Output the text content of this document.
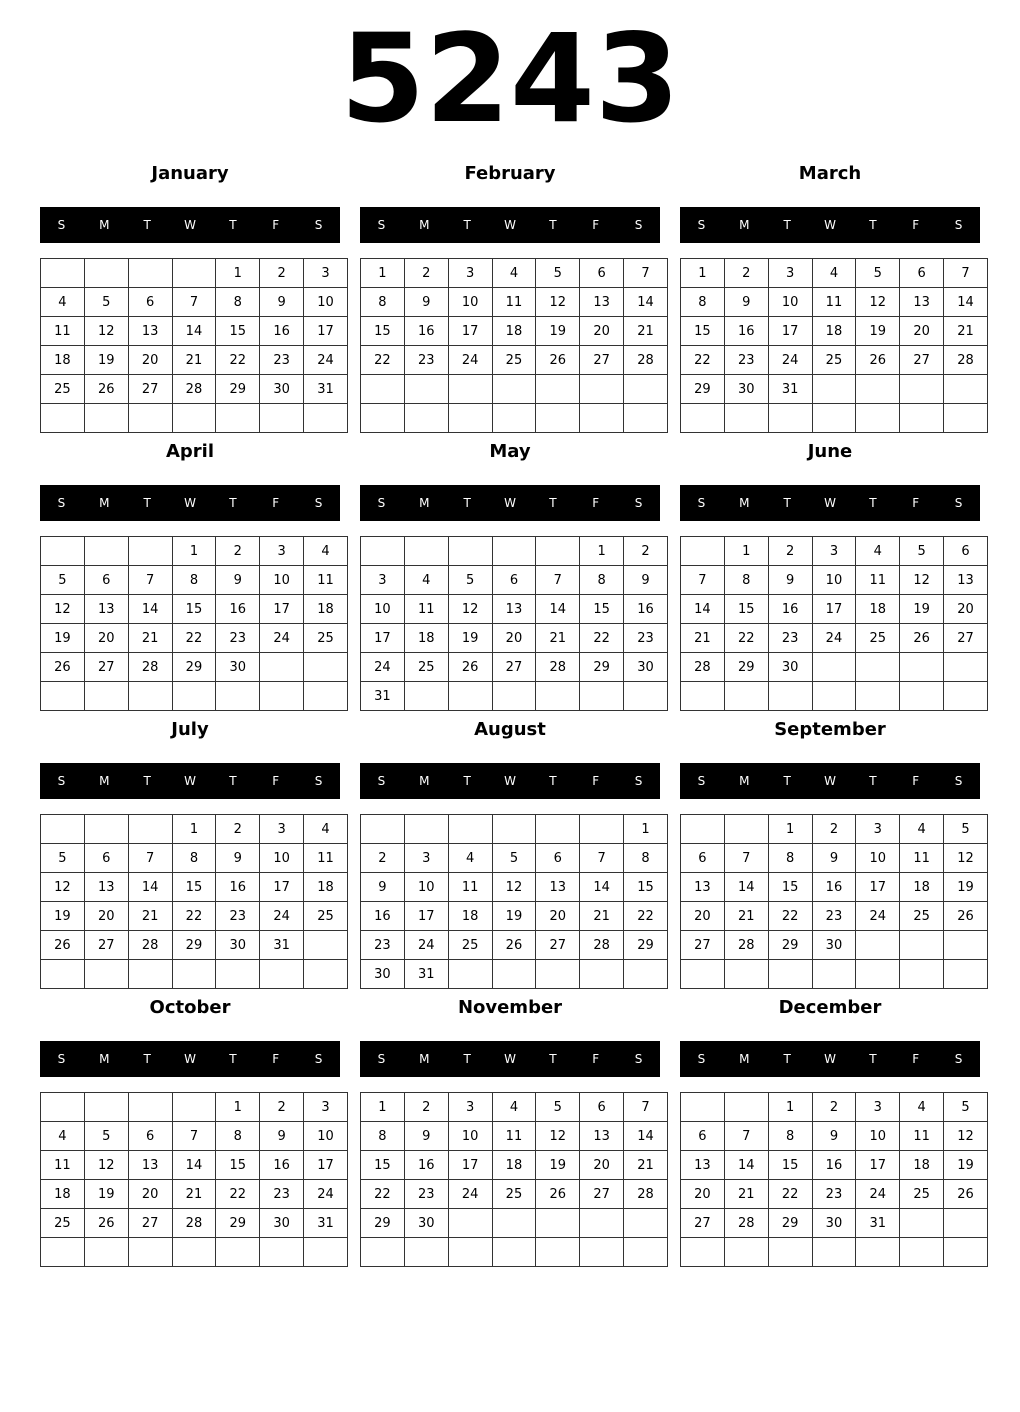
5243
January
S	M	T	W	T	F	S
				1	2	3
4	5	6	7	8	9	10
11	12	13	14	15	16	17
18	19	20	21	22	23	24
25	26	27	28	29	30	31

February
S	M	T	W	T	F	S
1	2	3	4	5	6	7
8	9	10	11	12	13	14
15	16	17	18	19	20	21
22	23	24	25	26	27	28

March
S	M	T	W	T	F	S
1	2	3	4	5	6	7
8	9	10	11	12	13	14
15	16	17	18	19	20	21
22	23	24	25	26	27	28
29	30	31				

April
S	M	T	W	T	F	S
			1	2	3	4
5	6	7	8	9	10	11
12	13	14	15	16	17	18
19	20	21	22	23	24	25
26	27	28	29	30		

May
S	M	T	W	T	F	S
					1	2
3	4	5	6	7	8	9
10	11	12	13	14	15	16
17	18	19	20	21	22	23
24	25	26	27	28	29	30
31						
June
S	M	T	W	T	F	S
	1	2	3	4	5	6
7	8	9	10	11	12	13
14	15	16	17	18	19	20
21	22	23	24	25	26	27
28	29	30				

July
S	M	T	W	T	F	S
			1	2	3	4
5	6	7	8	9	10	11
12	13	14	15	16	17	18
19	20	21	22	23	24	25
26	27	28	29	30	31	

August
S	M	T	W	T	F	S
						1
2	3	4	5	6	7	8
9	10	11	12	13	14	15
16	17	18	19	20	21	22
23	24	25	26	27	28	29
30	31					
September
S	M	T	W	T	F	S
		1	2	3	4	5
6	7	8	9	10	11	12
13	14	15	16	17	18	19
20	21	22	23	24	25	26
27	28	29	30			

October
S	M	T	W	T	F	S
				1	2	3
4	5	6	7	8	9	10
11	12	13	14	15	16	17
18	19	20	21	22	23	24
25	26	27	28	29	30	31

November
S	M	T	W	T	F	S
1	2	3	4	5	6	7
8	9	10	11	12	13	14
15	16	17	18	19	20	21
22	23	24	25	26	27	28
29	30					

December
S	M	T	W	T	F	S
		1	2	3	4	5
6	7	8	9	10	11	12
13	14	15	16	17	18	19
20	21	22	23	24	25	26
27	28	29	30	31		
